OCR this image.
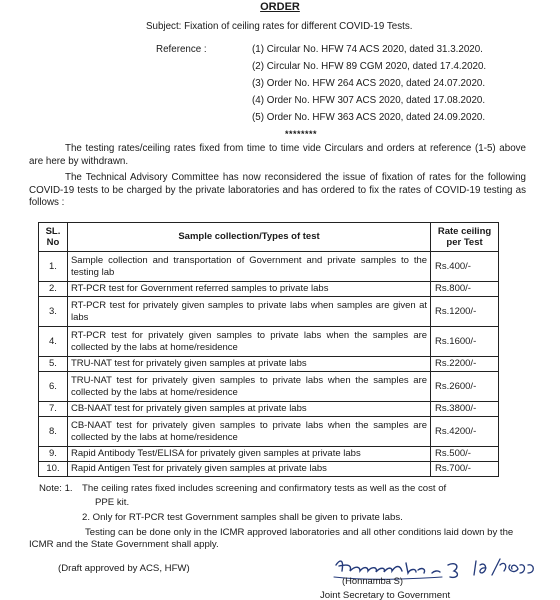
ORDER
Subject: Fixation of ceiling rates for different COVID-19 Tests.
Reference :	(1) Circular No. HFW 74 ACS 2020, dated 31.3.2020.
(2) Circular No. HFW 89 CGM 2020, dated 17.4.2020.
(3) Order No. HFW 264 ACS 2020, dated 24.07.2020.
(4) Order No. HFW 307 ACS 2020, dated 17.08.2020.
(5) Order No. HFW 363 ACS 2020, dated 24.09.2020.
********
The testing rates/ceiling rates fixed from time to time vide Circulars and orders at reference (1-5) above are here by withdrawn.
The Technical Advisory Committee has now reconsidered the issue of fixation of rates for the following COVID-19 tests to be charged by the private laboratories and has ordered to fix the rates of COVID-19 testing as follows :
SL. No	Sample collection/Types of test	Rate ceiling per Test
1.	Sample collection and transportation of Government and private samples to the testing lab	Rs.400/-
2.	RT-PCR test for Government referred samples to private labs	Rs.800/-
3.	RT-PCR test for privately given samples to private labs when samples are given at labs	Rs.1200/-
4.	RT-PCR test for privately given samples to private labs when the samples are collected by the labs at home/residence	Rs.1600/-
5.	TRU-NAT test for privately given samples at private labs	Rs.2200/-
6.	TRU-NAT test for privately given samples to private labs when the samples are collected by the labs at home/residence	Rs.2600/-
7.	CB-NAAT test for privately given samples at private labs	Rs.3800/-
8.	CB-NAAT test for privately given samples to private labs when the samples are collected by the labs at home/residence	Rs.4200/-
9.	Rapid Antibody Test/ELISA for privately given samples at private labs	Rs.500/-
10.	Rapid Antigen Test for privately given samples at private labs	Rs.700/-
Note: 1. The ceiling rates fixed includes screening and confirmatory tests as well as the cost of
PPE kit.
2. Only for RT-PCR test Government samples shall be given to private labs.
Testing can be done only in the ICMR approved laboratories and all other conditions laid down by the ICMR and the State Government shall apply.
(Draft approved by ACS, HFW)
(Honnamba S)
Joint Secretary to Government
